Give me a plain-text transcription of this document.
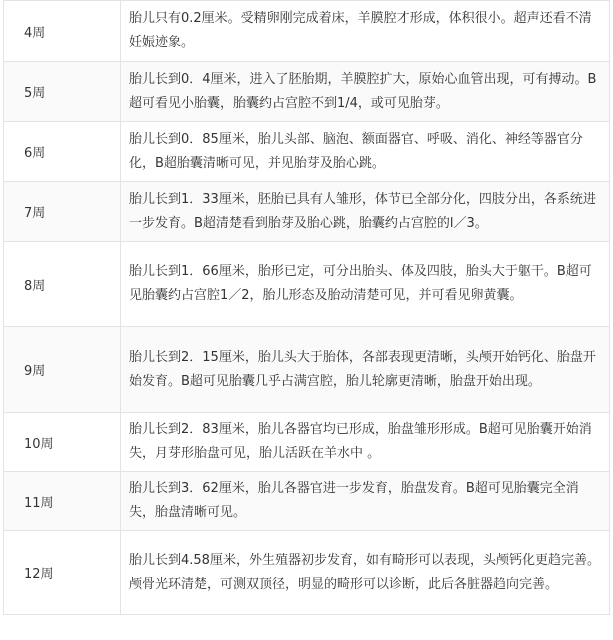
4周	胎儿只有0.2厘米。受精卵刚完成着床，羊膜腔才形成，体积很小。超声还看不清妊娠迹象。

5周	胎儿长到0．4厘米，进入了胚胎期，羊膜腔扩大，原始心血管出现，可有搏动。B超可看见小胎囊，胎囊约占宫腔不到1/4，或可见胎芽。

6周	胎儿长到0．85厘米，胎儿头部、脑泡、额面器官、呼吸、消化、神经等器官分化，B超胎囊清晰可见，并见胎芽及胎心跳。

7周	胎儿长到1．33厘米，胚胎已具有人雏形，体节已全部分化，四肢分出，各系统进一步发育。B超清楚看到胎芽及胎心跳，胎囊约占宫腔的l／3。

8周	胎儿长到1．66厘米，胎形已定，可分出胎头、体及四肢，胎头大于躯干。B超可见胎囊约占宫腔1／2，胎儿形态及胎动清楚可见，并可看见卵黄囊。

9周	胎儿长到2．15厘米，胎儿头大于胎体，各部表现更清晰，头颅开始钙化、胎盘开始发育。B超可见胎囊几乎占满宫腔，胎儿轮廓更清晰，胎盘开始出现。

10周	胎儿长到2．83厘米，胎儿各器官均已形成，胎盘雏形形成。B超可见胎囊开始消失，月芽形胎盘可见，胎儿活跃在羊水中 。

11周	胎儿长到3．62厘米，胎儿各器官进一步发育，胎盘发育。B超可见胎囊完全消失，胎盘清晰可见。

12周	胎儿长到4.58厘米，外生殖器初步发育，如有畸形可以表现，头颅钙化更趋完善。颅骨光环清楚，可测双顶径，明显的畸形可以诊断，此后各脏器趋向完善。
